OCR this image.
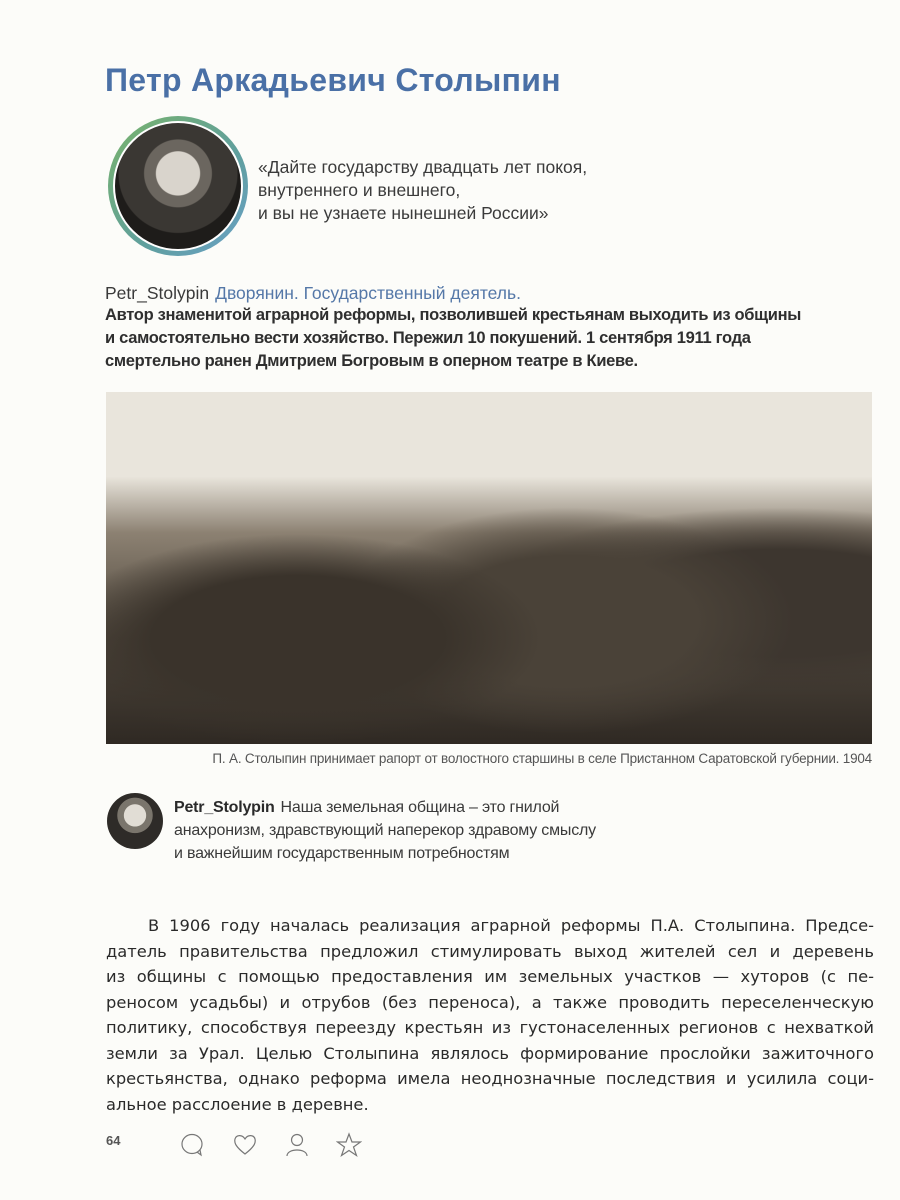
Петр Аркадьевич Столыпин
«Дайте государству двадцать лет покоя,
внутреннего и внешнего,
и вы не узнаете нынешней России»
Petr_Stolypin Дворянин. Государственный деятель.
Автор знаменитой аграрной реформы, позволившей крестьянам выходить из общины
и самостоятельно вести хозяйство. Пережил 10 покушений. 1 сентября 1911 года
смертельно ранен Дмитрием Богровым в оперном театре в Киеве.
П. А. Столыпин принимает рапорт от волостного старшины в селе Пристанном Саратовской губернии. 1904
Petr_Stolypin Наша земельная община – это гнилой
анахронизм, здравствующий наперекор здравому смыслу
и важнейшим государственным потребностям
В 1906 году началась реализация аграрной реформы П.А. Столыпина. Предсе-
датель правительства предложил стимулировать выход жителей сел и деревень
из общины с помощью предоставления им земельных участков — хуторов (с пе-
реносом усадьбы) и отрубов (без переноса), а также проводить переселенческую
политику, способствуя переезду крестьян из густонаселенных регионов с нехваткой
земли за Урал. Целью Столыпина являлось формирование прослойки зажиточного
крестьянства, однако реформа имела неоднозначные последствия и усилила соци-
альное расслоение в деревне.
64
